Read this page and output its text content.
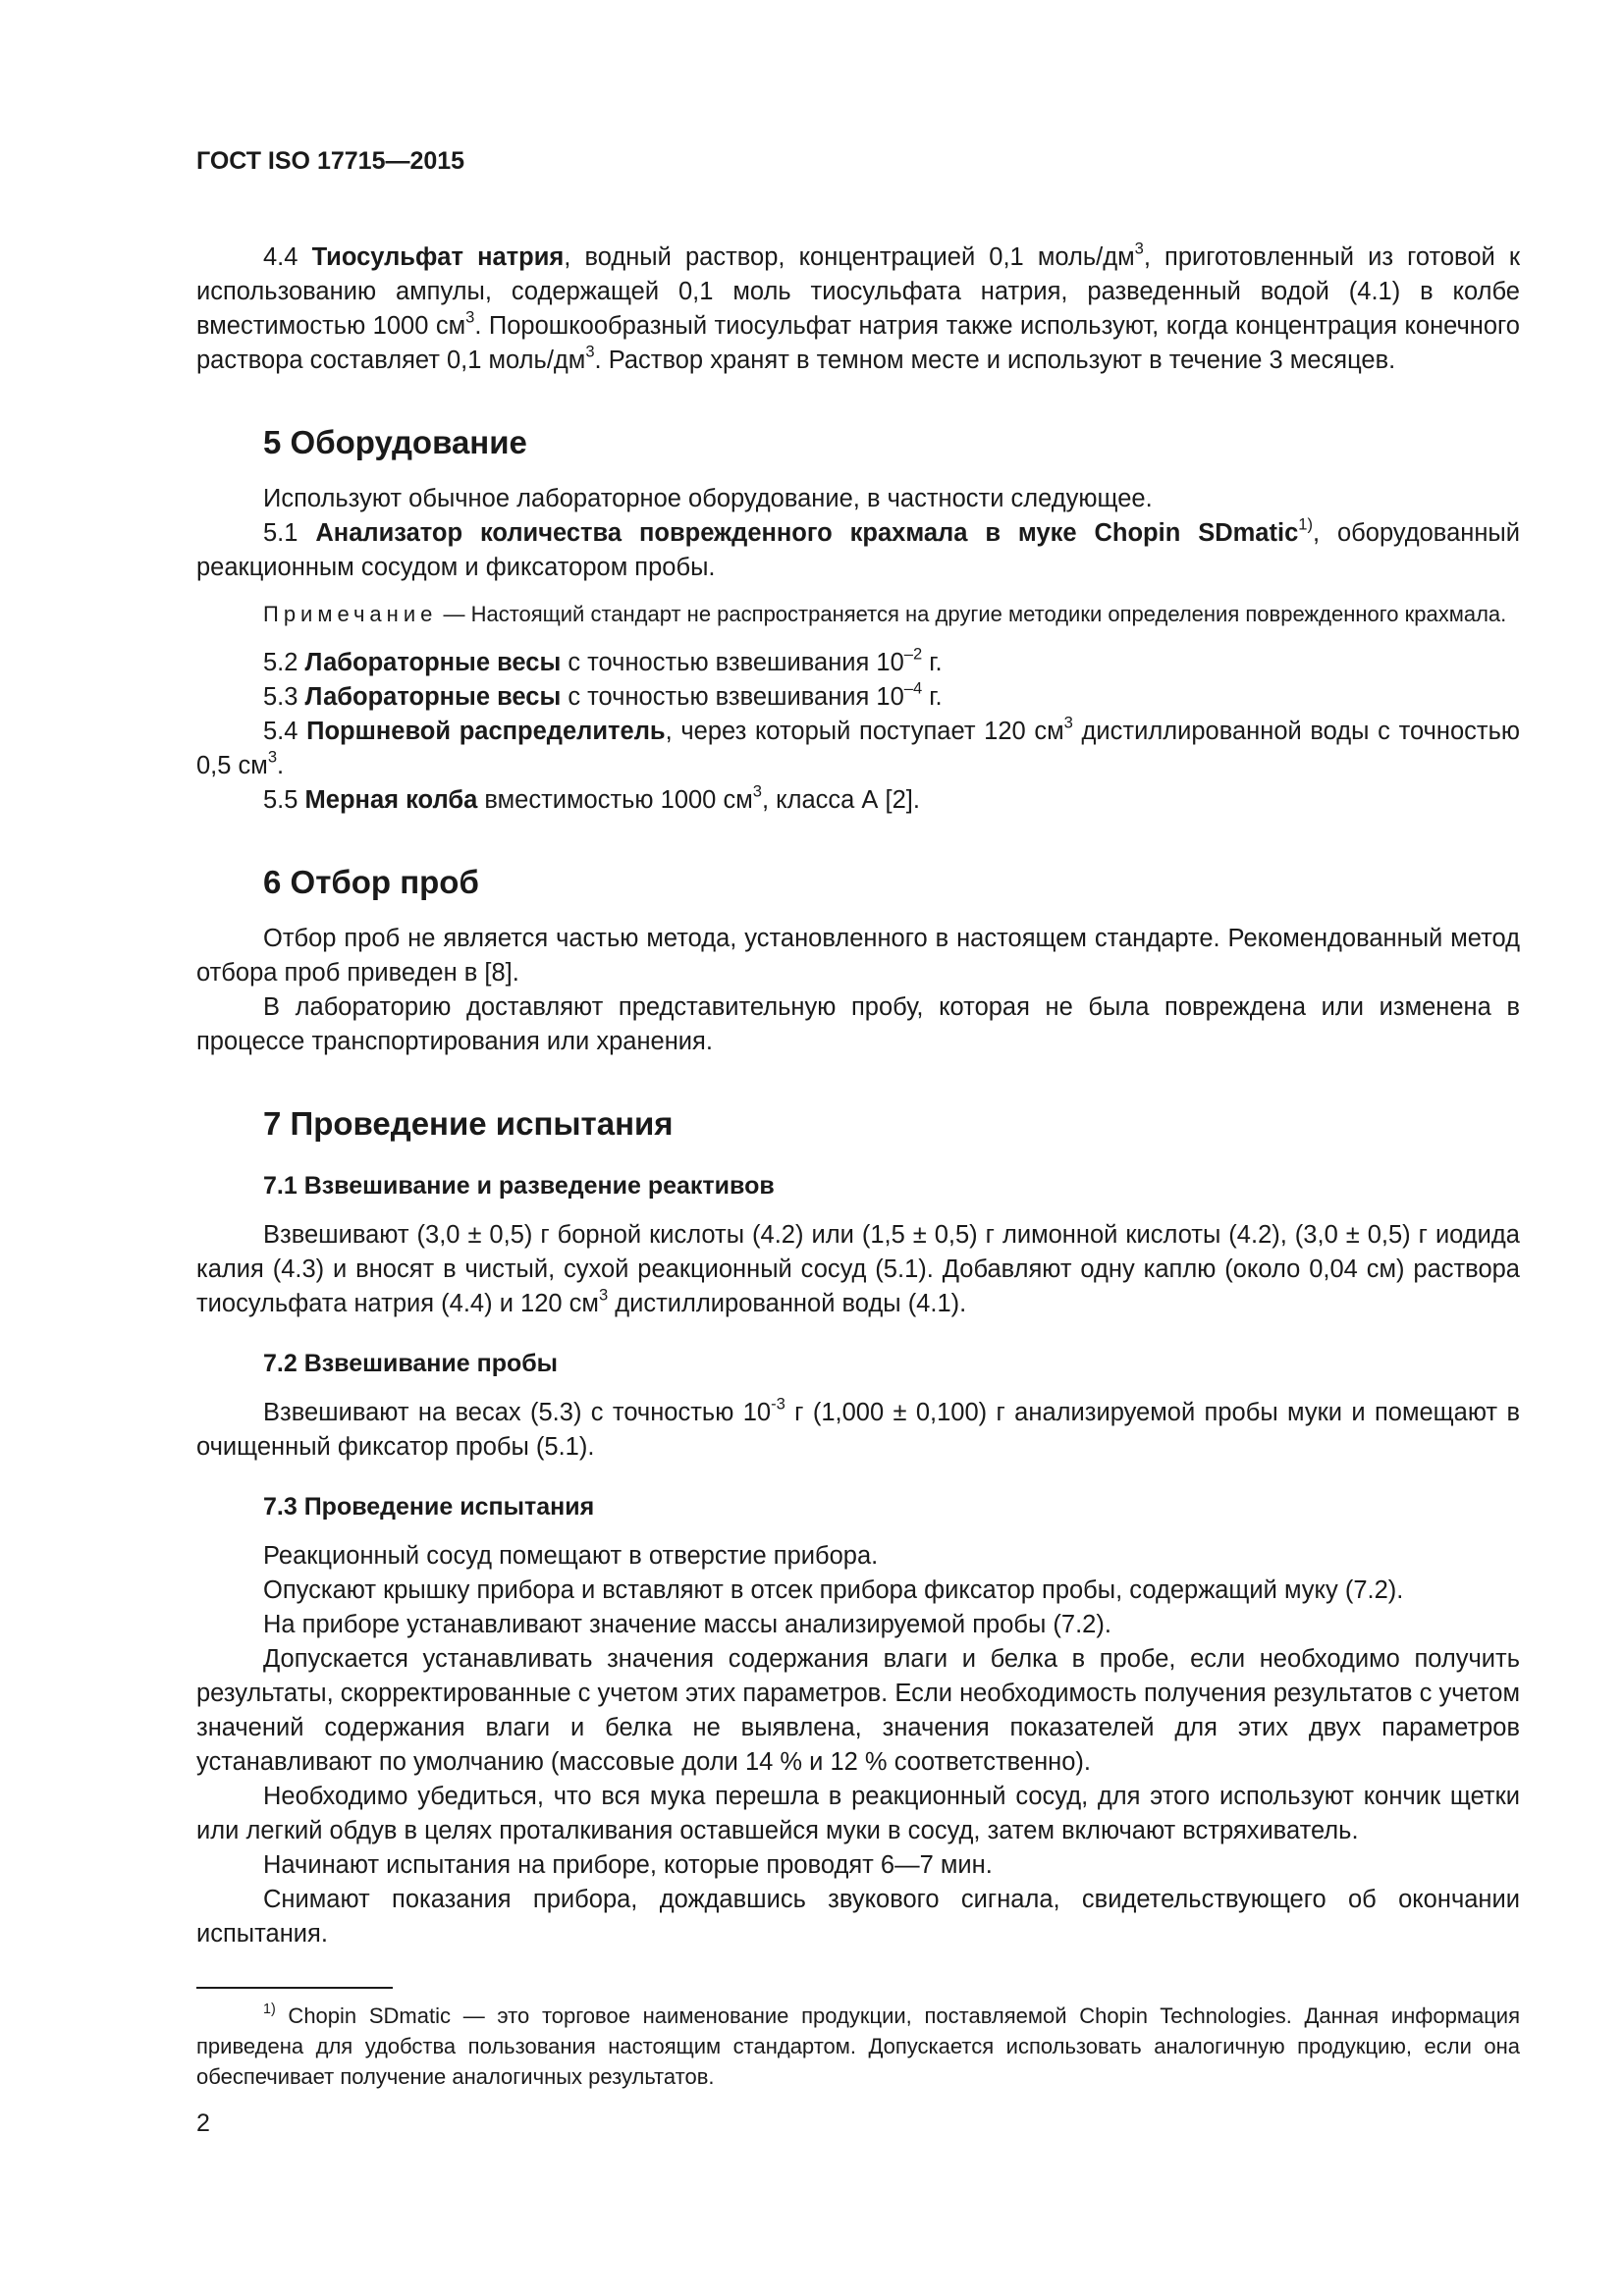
ГОСТ ISO 17715—2015

4.4 Тиосульфат натрия, водный раствор, концентрацией 0,1 моль/$дм^3$, приготовленный из готовой к использованию ампулы, содержащей 0,1 моль тиосульфата натрия, разведенный водой (4.1) в колбе вместимостью 1000 $см^3$. Порошкообразный тиосульфат натрия также используют, когда концентрация конечного раствора составляет 0,1 моль/$дм^3$. Раствор хранят в темном месте и используют в течение 3 месяцев.

5 Оборудование

Используют обычное лабораторное оборудование, в частности следующее.

5.1 Анализатор количества поврежденного крахмала в муке Chopin SDmatic$^{1)}$, оборудованный реакционным сосудом и фиксатором пробы.

Примечание — Настоящий стандарт не распространяется на другие методики определения поврежденного крахмала.

5.2 Лабораторные весы с точностью взвешивания $10^{-2}$ г.

5.3 Лабораторные весы с точностью взвешивания $10^{-4}$ г.

5.4 Поршневой распределитель, через который поступает 120 $см^3$ дистиллированной воды с точностью 0,5 $см^3$.

5.5 Мерная колба вместимостью 1000 $см^3$, класса А [2].

6 Отбор проб

Отбор проб не является частью метода, установленного в настоящем стандарте. Рекомендованный метод отбора проб приведен в [8].

В лабораторию доставляют представительную пробу, которая не была повреждена или изменена в процессе транспортирования или хранения.

7 Проведение испытания
7.1 Взвешивание и разведение реактивов

Взвешивают (3,0 ± 0,5) г борной кислоты (4.2) или (1,5 ± 0,5) г лимонной кислоты (4.2), (3,0 ± 0,5) г иодида калия (4.3) и вносят в чистый, сухой реакционный сосуд (5.1). Добавляют одну каплю (около 0,04 см) раствора тиосульфата натрия (4.4) и 120 $см^3$ дистиллированной воды (4.1).

7.2 Взвешивание пробы

Взвешивают на весах (5.3) с точностью $10^{-3}$ г (1,000 ± 0,100) г анализируемой пробы муки и помещают в очищенный фиксатор пробы (5.1).

7.3 Проведение испытания

Реакционный сосуд помещают в отверстие прибора.

Опускают крышку прибора и вставляют в отсек прибора фиксатор пробы, содержащий муку (7.2).

На приборе устанавливают значение массы анализируемой пробы (7.2).

Допускается устанавливать значения содержания влаги и белка в пробе, если необходимо получить результаты, скорректированные с учетом этих параметров. Если необходимость получения результатов с учетом значений содержания влаги и белка не выявлена, значения показателей для этих двух параметров устанавливают по умолчанию (массовые доли 14 % и 12 % соответственно).

Необходимо убедиться, что вся мука перешла в реакционный сосуд, для этого используют кончик щетки или легкий обдув в целях проталкивания оставшейся муки в сосуд, затем включают встряхиватель.

Начинают испытания на приборе, которые проводят 6—7 мин.

Снимают показания прибора, дождавшись звукового сигнала, свидетельствующего об окончании испытания.

$^{1)}$ Chopin SDmatic — это торговое наименование продукции, поставляемой Chopin Technologies. Данная информация приведена для удобства пользования настоящим стандартом. Допускается использовать аналогичную продукцию, если она обеспечивает получение аналогичных результатов.

2
